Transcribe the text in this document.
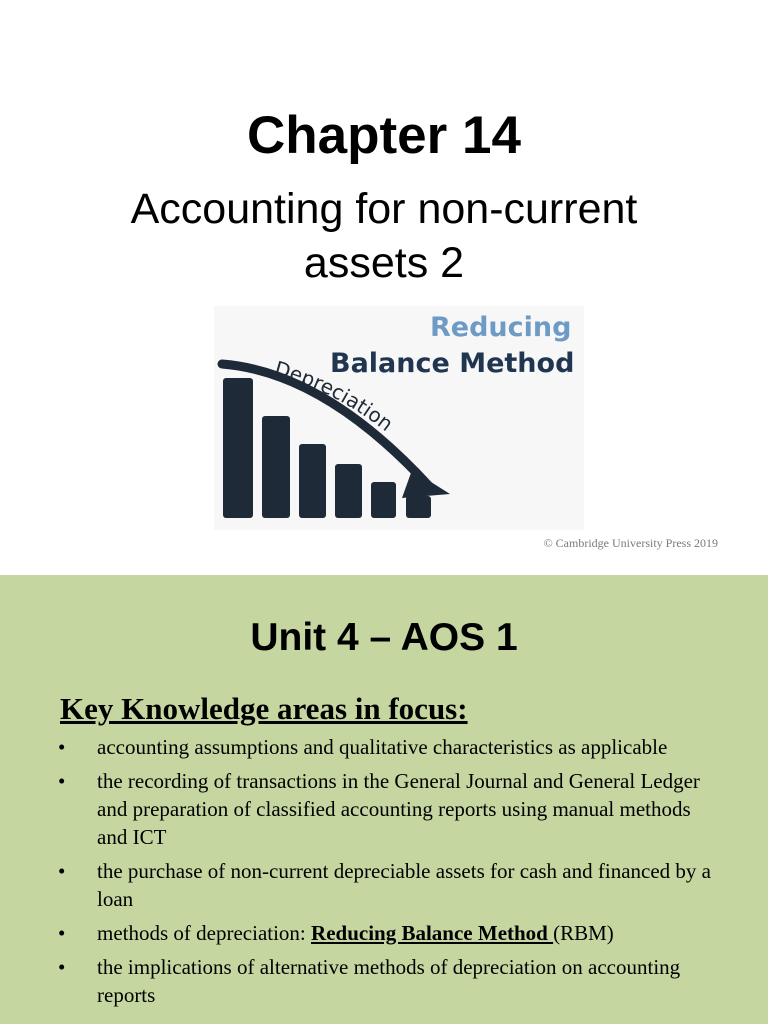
Chapter 14
Accounting for non-current assets 2
Reducing
Balance Method
Depreciation
© Cambridge University Press 2019
Unit 4 – AOS 1
Key Knowledge areas in focus:
• accounting assumptions and qualitative characteristics as applicable
• the recording of transactions in the General Journal and General Ledger and preparation of classified accounting reports using manual methods and ICT
• the purchase of non-current depreciable assets for cash and financed by a loan
• methods of depreciation: Reducing Balance Method (RBM)
• the implications of alternative methods of depreciation on accounting reports
